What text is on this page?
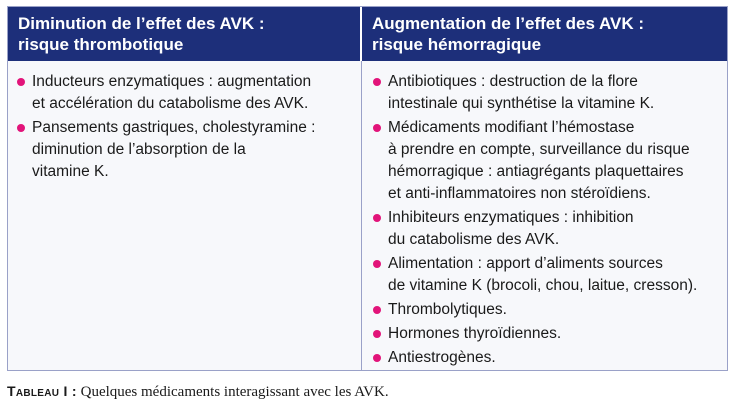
Diminution de l’effet des AVK :
risque thrombotique
Augmentation de l’effet des AVK :
risque hémorragique
Inducteurs enzymatiques : augmentation
et accélération du catabolisme des AVK.
Pansements gastriques, cholestyramine :
diminution de l’absorption de la
vitamine K.
Antibiotiques : destruction de la flore
intestinale qui synthétise la vitamine K.
Médicaments modifiant l’hémostase
à prendre en compte, surveillance du risque
hémorragique : antiagrégants plaquettaires
et anti-inflammatoires non stéroïdiens.
Inhibiteurs enzymatiques : inhibition
du catabolisme des AVK.
Alimentation : apport d’aliments sources
de vitamine K (brocoli, chou, laitue, cresson).
Thrombolytiques.
Hormones thyroïdiennes.
Antiestrogènes.
Tableau I : Quelques médicaments interagissant avec les AVK.
